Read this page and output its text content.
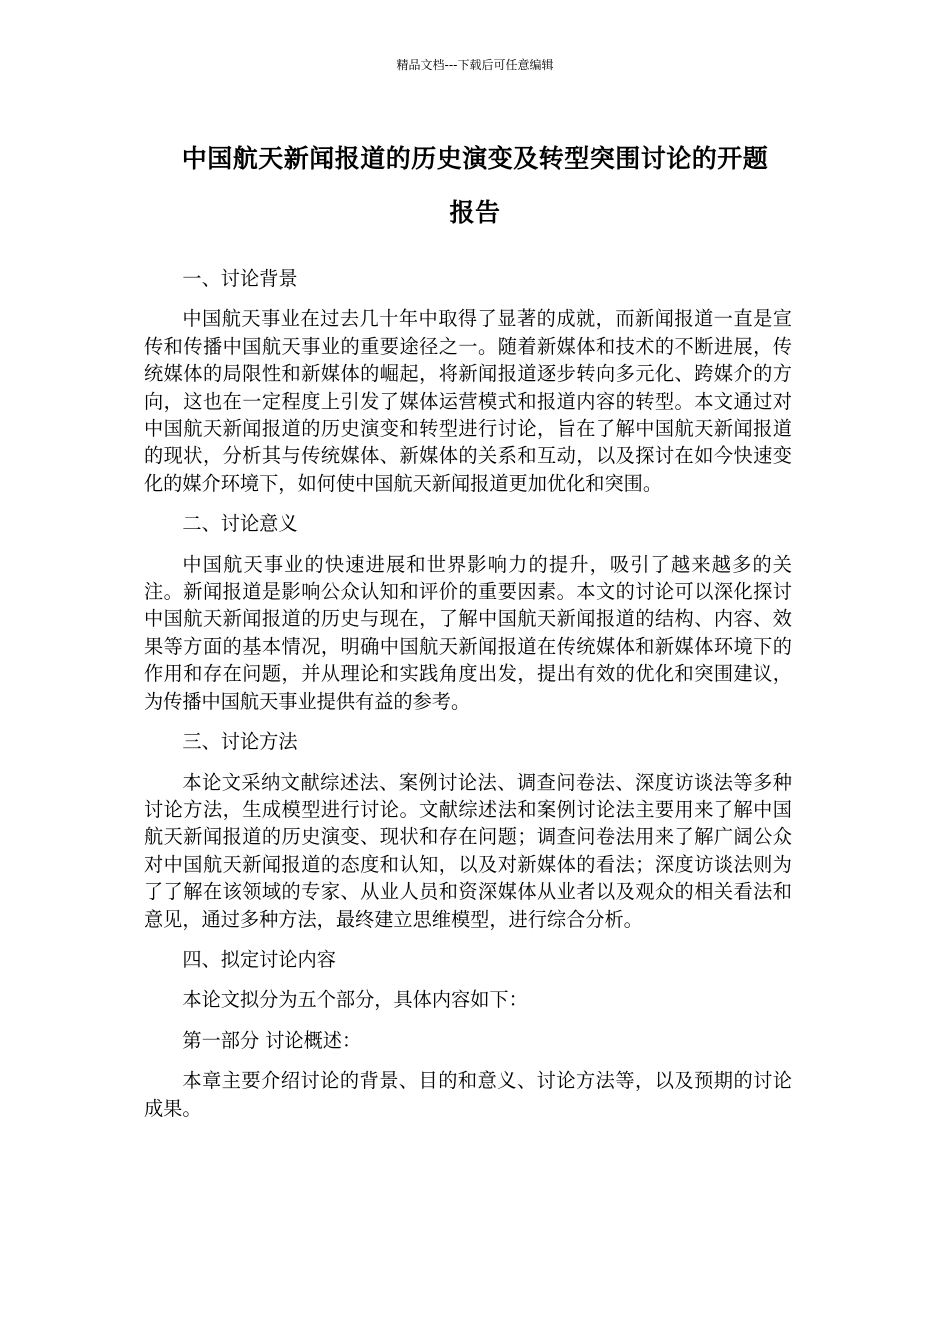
精品文档---下载后可任意编辑
中国航天新闻报道的历史演变及转型突围讨论的开题
报告

一、讨论背景

中国航天事业在过去几十年中取得了显著的成就，而新闻报道一直是宣传和传播中国航天事业的重要途径之一。随着新媒体和技术的不断进展，传统媒体的局限性和新媒体的崛起，将新闻报道逐步转向多元化、跨媒介的方向，这也在一定程度上引发了媒体运营模式和报道内容的转型。本文通过对中国航天新闻报道的历史演变和转型进行讨论，旨在了解中国航天新闻报道的现状，分析其与传统媒体、新媒体的关系和互动，以及探讨在如今快速变化的媒介环境下，如何使中国航天新闻报道更加优化和突围。

二、讨论意义

中国航天事业的快速进展和世界影响力的提升，吸引了越来越多的关注。新闻报道是影响公众认知和评价的重要因素。本文的讨论可以深化探讨中国航天新闻报道的历史与现在，了解中国航天新闻报道的结构、内容、效果等方面的基本情况，明确中国航天新闻报道在传统媒体和新媒体环境下的作用和存在问题，并从理论和实践角度出发，提出有效的优化和突围建议，为传播中国航天事业提供有益的参考。

三、讨论方法

本论文采纳文献综述法、案例讨论法、调查问卷法、深度访谈法等多种讨论方法，生成模型进行讨论。文献综述法和案例讨论法主要用来了解中国航天新闻报道的历史演变、现状和存在问题；调查问卷法用来了解广阔公众对中国航天新闻报道的态度和认知，以及对新媒体的看法；深度访谈法则为了了解在该领域的专家、从业人员和资深媒体从业者以及观众的相关看法和意见，通过多种方法，最终建立思维模型，进行综合分析。

四、拟定讨论内容

本论文拟分为五个部分，具体内容如下：

第一部分 讨论概述：

本章主要介绍讨论的背景、目的和意义、讨论方法等，以及预期的讨论成果。
